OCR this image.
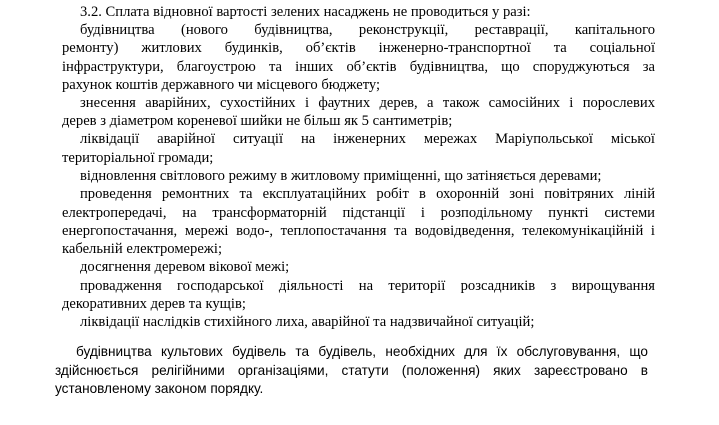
3.2. Сплата відновної вартості зелених насаджень не проводиться у разі:

будівництва (нового будівництва, реконструкції, реставрації, капітального

ремонту) житлових будинків, об’єктів інженерно-транспортної та соціальної

інфраструктури, благоустрою та інших об’єктів будівництва, що споруджуються за

рахунок коштів державного чи місцевого бюджету;

знесення аварійних, сухостійних і фаутних дерев, а також самосійних і порослевих

дерев з діаметром кореневої шийки не більш як 5 сантиметрів;

ліквідації аварійної ситуації на інженерних мережах Маріупольської міської

територіальної громади;

відновлення світлового режиму в житловому приміщенні, що затіняється деревами;

проведення ремонтних та експлуатаційних робіт в охоронній зоні повітряних ліній

електропередачі, на трансформаторній підстанції і розподільному пункті системи

енергопостачання, мережі водо-, теплопостачання та водовідведення, телекомунікаційній і

кабельній електромережі;

досягнення деревом вікової межі;

провадження господарської діяльності на території розсадників з вирощування

декоративних дерев та кущів;

ліквідації наслідків стихійного лиха, аварійної та надзвичайної ситуацій;

будівництва культових будівель та будівель, необхідних для їх обслуговування, що

здійснюється релігійними організаціями, статути (положення) яких зареєстровано в

установленому законом порядку.
